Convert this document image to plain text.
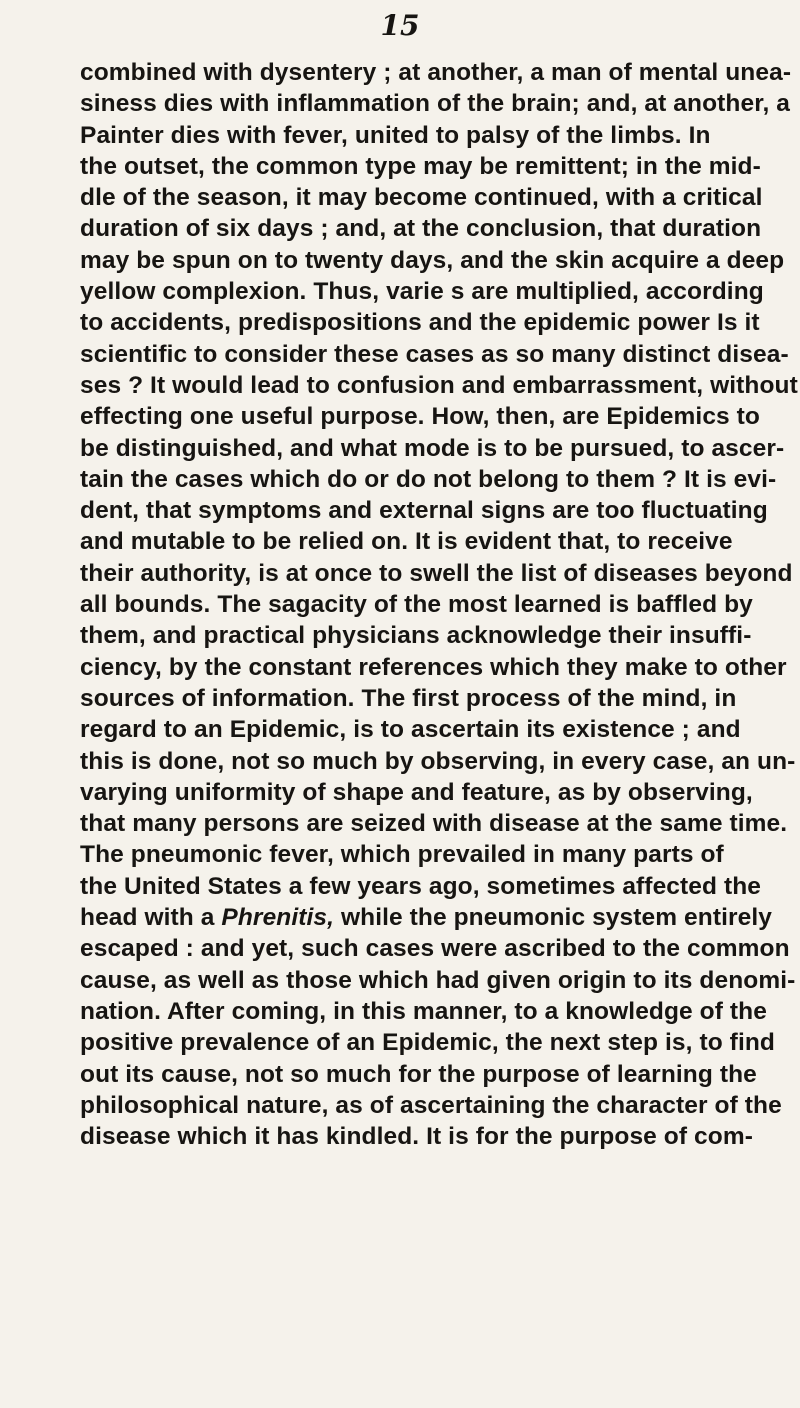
15
combined with dysentery ; at another, a man of mental unea-
siness dies with inflammation of the brain; and, at another, a
Painter dies with fever, united to palsy of the limbs. In
the outset, the common type may be remittent; in the mid-
dle of the season, it may become continued, with a critical
duration of six days ; and, at the conclusion, that duration
may be spun on to twenty days, and the skin acquire a deep
yellow complexion. Thus, varie s are multiplied, according
to accidents, predispositions and the epidemic power Is it
scientific to consider these cases as so many distinct disea-
ses ? It would lead to confusion and embarrassment, without
effecting one useful purpose. How, then, are Epidemics to
be distinguished, and what mode is to be pursued, to ascer-
tain the cases which do or do not belong to them ? It is evi-
dent, that symptoms and external signs are too fluctuating
and mutable to be relied on. It is evident that, to receive
their authority, is at once to swell the list of diseases beyond
all bounds. The sagacity of the most learned is baffled by
them, and practical physicians acknowledge their insuffi-
ciency, by the constant references which they make to other
sources of information. The first process of the mind, in
regard to an Epidemic, is to ascertain its existence ; and
this is done, not so much by observing, in every case, an un-
varying uniformity of shape and feature, as by observing,
that many persons are seized with disease at the same time.
The pneumonic fever, which prevailed in many parts of
the United States a few years ago, sometimes affected the
head with a Phrenitis, while the pneumonic system entirely
escaped : and yet, such cases were ascribed to the common
cause, as well as those which had given origin to its denomi-
nation. After coming, in this manner, to a knowledge of the
positive prevalence of an Epidemic, the next step is, to find
out its cause, not so much for the purpose of learning the
philosophical nature, as of ascertaining the character of the
disease which it has kindled. It is for the purpose of com-
